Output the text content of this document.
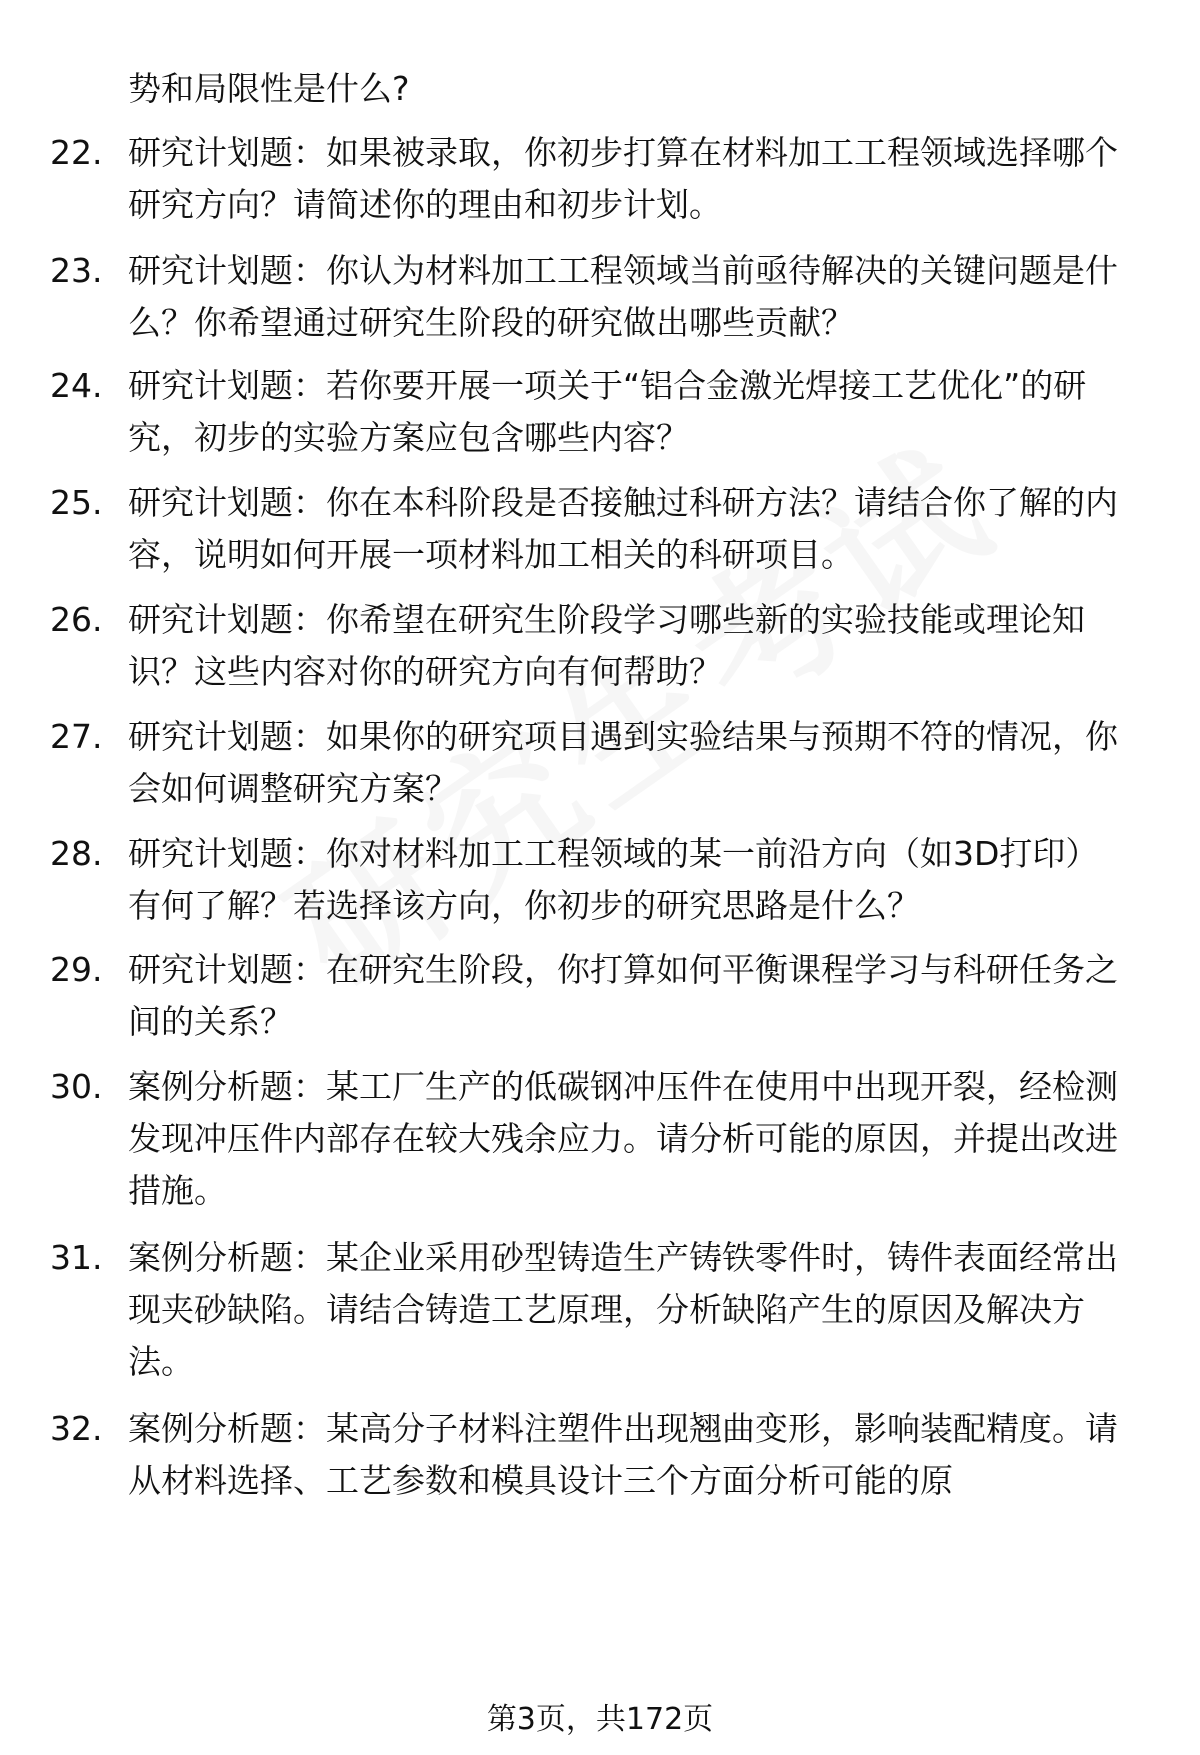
势和局限性是什么?

22. 研究计划题：如果被录取，你初步打算在材料加工工程领域选择哪个研究方向？请简述你的理由和初步计划。
23. 研究计划题：你认为材料加工工程领域当前亟待解决的关键问题是什么？你希望通过研究生阶段的研究做出哪些贡献？
24. 研究计划题：若你要开展一项关于“铝合金激光焊接工艺优化”的研究，初步的实验方案应包含哪些内容？
25. 研究计划题：你在本科阶段是否接触过科研方法？请结合你了解的内容，说明如何开展一项材料加工相关的科研项目。
26. 研究计划题：你希望在研究生阶段学习哪些新的实验技能或理论知识？这些内容对你的研究方向有何帮助？
27. 研究计划题：如果你的研究项目遇到实验结果与预期不符的情况，你会如何调整研究方案？
28. 研究计划题：你对材料加工工程领域的某一前沿方向（如3D打印）有何了解？若选择该方向，你初步的研究思路是什么？
29. 研究计划题：在研究生阶段，你打算如何平衡课程学习与科研任务之间的关系？
30. 案例分析题：某工厂生产的低碳钢冲压件在使用中出现开裂，经检测发现冲压件内部存在较大残余应力。请分析可能的原因，并提出改进措施。
31. 案例分析题：某企业采用砂型铸造生产铸铁零件时，铸件表面经常出现夹砂缺陷。请结合铸造工艺原理，分析缺陷产生的原因及解决方法。
32. 案例分析题：某高分子材料注塑件出现翘曲变形，影响装配精度。请从材料选择、工艺参数和模具设计三个方面分析可能的原
第3页，共172页
